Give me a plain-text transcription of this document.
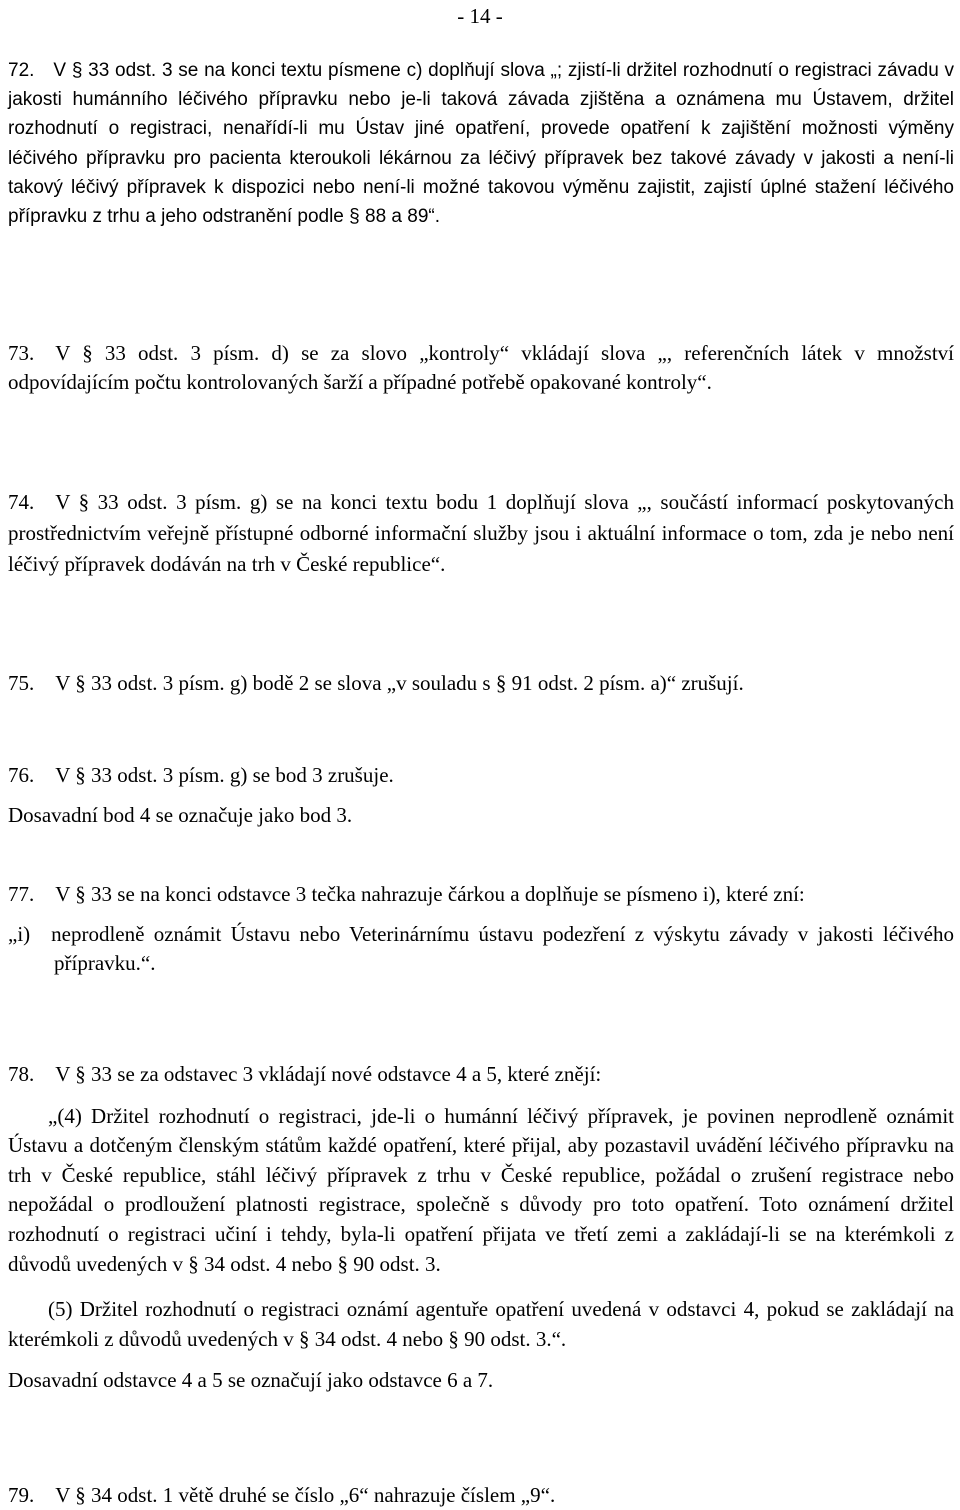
- 14 -

72. V § 33 odst. 3 se na konci textu písmene c) doplňují slova „; zjistí-li držitel rozhodnutí o registraci závadu v jakosti humánního léčivého přípravku nebo je-li taková závada zjištěna a oznámena mu Ústavem, držitel rozhodnutí o registraci, nenařídí-li mu Ústav jiné opatření, provede opatření k zajištění možnosti výměny léčivého přípravku pro pacienta kteroukoli lékárnou za léčivý přípravek bez takové závady v jakosti a není-li takový léčivý přípravek k dispozici nebo není-li možné takovou výměnu zajistit, zajistí úplné stažení léčivého přípravku z trhu a jeho odstranění podle § 88 a 89“.

73. V § 33 odst. 3 písm. d) se za slovo „kontroly“ vkládají slova „, referenčních látek v množství odpovídajícím počtu kontrolovaných šarží a případné potřebě opakované kontroly“.

74. V § 33 odst. 3 písm. g) se na konci textu bodu 1 doplňují slova „, součástí informací poskytovaných prostřednictvím veřejně přístupné odborné informační služby jsou i aktuální informace o tom, zda je nebo není léčivý přípravek dodáván na trh v České republice“.

75. V § 33 odst. 3 písm. g) bodě 2 se slova „v souladu s § 91 odst. 2 písm. a)“ zrušují.

76. V § 33 odst. 3 písm. g) se bod 3 zrušuje.

Dosavadní bod 4 se označuje jako bod 3.

77. V § 33 se na konci odstavce 3 tečka nahrazuje čárkou a doplňuje se písmeno i), které zní:

„i) neprodleně oznámit Ústavu nebo Veterinárnímu ústavu podezření z výskytu závady v jakosti léčivého přípravku.“.

78. V § 33 se za odstavec 3 vkládají nové odstavce 4 a 5, které znějí:

„(4) Držitel rozhodnutí o registraci, jde-li o humánní léčivý přípravek, je povinen neprodleně oznámit Ústavu a dotčeným členským státům každé opatření, které přijal, aby pozastavil uvádění léčivého přípravku na trh v České republice, stáhl léčivý přípravek z trhu v České republice, požádal o zrušení registrace nebo nepožádal o prodloužení platnosti registrace, společně s důvody pro toto opatření. Toto oznámení držitel rozhodnutí o registraci učiní i tehdy, byla-li opatření přijata ve třetí zemi a zakládají-li se na kterémkoli z důvodů uvedených v § 34 odst. 4 nebo § 90 odst. 3.

(5) Držitel rozhodnutí o registraci oznámí agentuře opatření uvedená v odstavci 4, pokud se zakládají na kterémkoli z důvodů uvedených v § 34 odst. 4 nebo § 90 odst. 3.“.

Dosavadní odstavce 4 a 5 se označují jako odstavce 6 a 7.

79. V § 34 odst. 1 větě druhé se číslo „6“ nahrazuje číslem „9“.
